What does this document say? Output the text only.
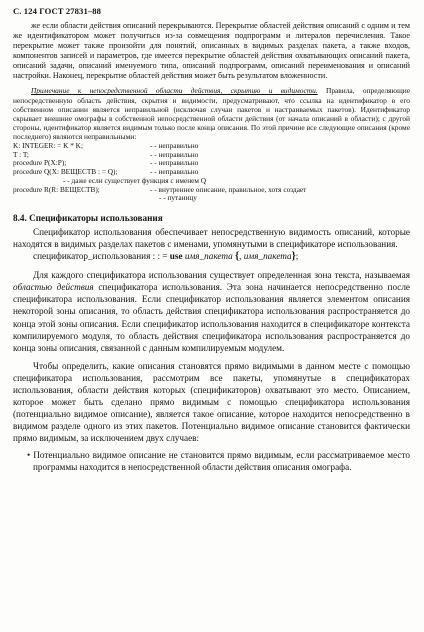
С. 124 ГОСТ 27831–88

же если области действия описаний перекрываются. Перекрытие областей действия описаний с одним и тем же идентификатором может получиться из-за совмещения подпрограмм и литералов перечисления. Такое перекрытие может также произойти для понятий, описанных в видимых разделах пакета, а также входов, компонентов записей и параметров, где имеется перекрытие областей действия охватывающих описаний пакета, описаний задачи, описаний именуемого типа, описаний подпрограмм, описаний переименования и описаний настройки. Наконец, перекрытие областей действия может быть результатом вложенности.

Примечание к непосредственной области действия, скрытию и видимости. Правила, определяющие непосредственную область действия, скрытия и видимости, предусматривают, что ссылка на идентификатор в его собственном описании является неправильной (исключая случаи пакетов и настраиваемых пакетов). Идентификатор скрывает внешние омографы в собственной непосредственной области действия (от начала описаний в области); с другой стороны, идентификатор является видимым только после конца описания. По этой причине все следующие описания (кроме последнего) являются неправильными:

K: INTEGER: = K * K;	- - неправильно
T : T;	- - неправильно
procedure P(X:P);	- - неправильно
procedure Q(X: ВЕЩЕСТВ : = Q);	- - неправильно
- - даже если существует функция с именем Q
procedure R(R: ВЕЩЕСТВ);	- - внутреннее описание, правильное, хотя создает
- - путаницу
8.4. Спецификаторы использования

Спецификатор использования обеспечивает непосредственную видимость описаний, которые находятся в видимых разделах пакетов с именами, упомянутыми в спецификаторе использования.

спецификатор_использования : : = use имя_пакета {, имя_пакета};

Для каждого спецификатора использования существует определенная зона текста, называемая областью действия спецификатора использования. Эта зона начинается непосредственно после спецификатора использования. Если спецификатор использования является элементом описания некоторой зоны описания, то область действия спецификатора использования распространяется до конца этой зоны описания. Если спецификатор использования находится в спецификаторе контекста компилируемого модуля, то область действия спецификатора использования распространяется до конца зоны описания, связанной с данным компилируемым модулем.

Чтобы определить, какие описания становятся прямо видимыми в данном месте с помощью спецификатора использования, рассмотрим все пакеты, упомянутые в спецификаторах использования, области действия которых (спецификаторов) охватывают это место. Описанием, которое может быть сделано прямо видимым с помощью спецификатора использования (потенциально видимое описание), является такое описание, которое находится непосредственно в видимом разделе одного из этих пакетов. Потенциально видимое описание становится фактически прямо видимым, за исключением двух случаев:

• Потенциально видимое описание не становится прямо видимым, если рассматриваемое место программы находится в непосредственной области действия описания омографа.
